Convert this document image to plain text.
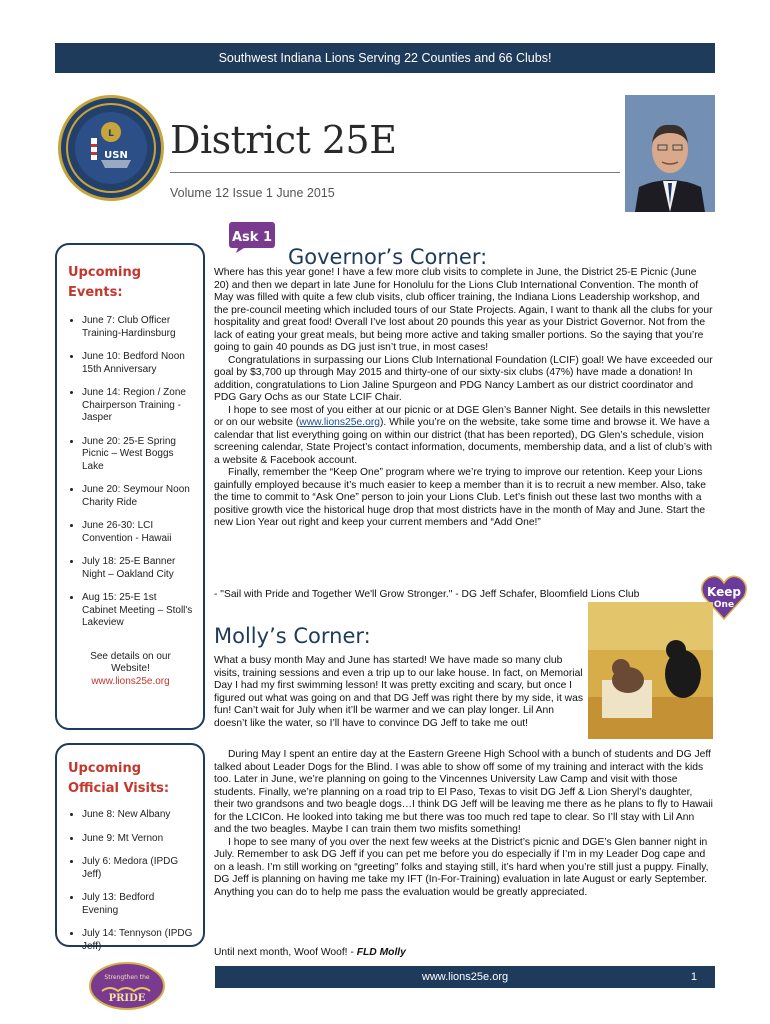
Southwest Indiana Lions Serving 22 Counties and 66 Clubs!
L
USN District 25E
Volume 12 Issue 1 June 2015
Ask 1
Upcoming
Events:
• June 7: Club Officer Training-Hardinsburg
• June 10: Bedford Noon 15th Anniversary
• June 14: Region / Zone Chairperson Training - Jasper
• June 20: 25-E Spring Picnic – West Boggs Lake
• June 20: Seymour Noon Charity Ride
• June 26-30: LCI Convention - Hawaii
• July 18: 25-E Banner Night – Oakland City
• Aug 15: 25-E 1st Cabinet Meeting – Stoll's Lakeview
See details on our
Website!
www.lions25e.org
Upcoming
Official Visits:
• June 8: New Albany
• June 9: Mt Vernon
• July 6: Medora (IPDG Jeff)
• July 13: Bedford Evening
• July 14: Tennyson (IPDG Jeff)
Governor’s Corner:

Where has this year gone! I have a few more club visits to complete in June, the District 25-E Picnic (June 20) and then we depart in late June for Honolulu for the Lions Club International Convention. The month of May was filled with quite a few club visits, club officer training, the Indiana Lions Leadership workshop, and the pre-council meeting which included tours of our State Projects. Again, I want to thank all the clubs for your hospitality and great food! Overall I’ve lost about 20 pounds this year as your District Governor. Not from the lack of eating your great meals, but being more active and taking smaller portions. So the saying that you’re going to gain 40 pounds as DG just isn’t true, in most cases!

Congratulations in surpassing our Lions Club International Foundation (LCIF) goal! We have exceeded our goal by $3,700 up through May 2015 and thirty-one of our sixty-six clubs (47%) have made a donation! In addition, congratulations to Lion Jaline Spurgeon and PDG Nancy Lambert as our district coordinator and PDG Gary Ochs as our State LCIF Chair.

I hope to see most of you either at our picnic or at DGE Glen’s Banner Night. See details in this newsletter or on our website (www.lions25e.org). While you’re on the website, take some time and browse it. We have a calendar that list everything going on within our district (that has been reported), DG Glen’s schedule, vision screening calendar, State Project’s contact information, documents, membership data, and a list of club’s with a website & Facebook account.

Finally, remember the “Keep One” program where we’re trying to improve our retention. Keep your Lions gainfully employed because it’s much easier to keep a member than it is to recruit a new member. Also, take the time to commit to “Ask One” person to join your Lions Club. Let’s finish out these last two months with a positive growth vice the historical huge drop that most districts have in the month of May and June. Start the new Lion Year out right and keep your current members and “Add One!”

- "Sail with Pride and Together We'll Grow Stronger." - DG Jeff Schafer, Bloomfield Lions Club	Keep
One
Molly’s Corner:
What a busy month May and June has started! We have made so many club visits, training sessions and even a trip up to our lake house. In fact, on Memorial Day I had my first swimming lesson! It was pretty exciting and scary, but once I figured out what was going on and that DG Jeff was right there by my side, it was fun! Can’t wait for July when it’ll be warmer and we can play longer. Lil Ann doesn’t like the water, so I’ll have to convince DG Jeff to take me out!

During May I spent an entire day at the Eastern Greene High School with a bunch of students and DG Jeff talked about Leader Dogs for the Blind. I was able to show off some of my training and interact with the kids too. Later in June, we’re planning on going to the Vincennes University Law Camp and visit with those students. Finally, we’re planning on a road trip to El Paso, Texas to visit DG Jeff & Lion Sheryl’s daughter, their two grandsons and two beagle dogs…I think DG Jeff will be leaving me there as he plans to fly to Hawaii for the LCICon. He looked into taking me but there was too much red tape to clear. So I’ll stay with Lil Ann and the two beagles. Maybe I can train them two misfits something!

I hope to see many of you over the next few weeks at the District’s picnic and DGE’s Glen banner night in July. Remember to ask DG Jeff if you can pet me before you do especially if I’m in my Leader Dog cape and on a leash. I’m still working on “greeting” folks and staying still, it’s hard when you’re still just a puppy. Finally, DG Jeff is planning on having me take my IFT (In-For-Training) evaluation in late August or early September. Anything you can do to help me pass the evaluation would be greatly appreciated.

Until next month, Woof Woof! - FLD Molly
www.lions25e.org	1
Strengthen the
PRIDE
